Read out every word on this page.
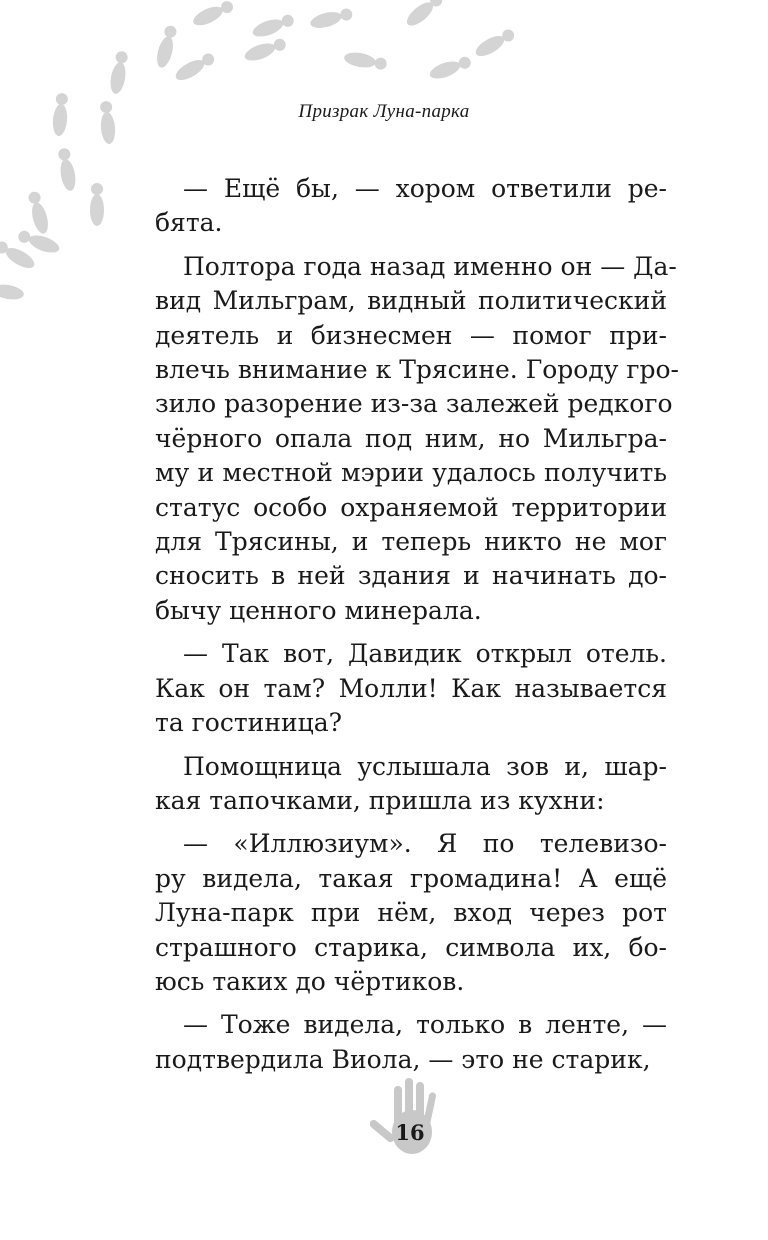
Призрак Луна-парка

— Ещё бы, — хором ответили ре-
бята.

Полтора года назад именно он — Да-
вид Мильграм, видный политический
деятель и бизнесмен — помог при-
влечь внимание к Трясине. Городу гро-
зило разорение из-за залежей редкого
чёрного опала под ним, но Мильгра-
му и местной мэрии удалось получить
статус особо охраняемой территории
для Трясины, и теперь никто не мог
сносить в ней здания и начинать до-
бычу ценного минерала.

— Так вот, Давидик открыл отель.
Как он там? Молли! Как называется
та гостиница?

Помощница услышала зов и, шар-
кая тапочками, пришла из кухни:

— «Иллюзиум». Я по телевизо-
ру видела, такая громадина! А ещё
Луна-парк при нём, вход через рот
страшного старика, символа их, бо-
юсь таких до чёртиков.

— Тоже видела, только в ленте, —
подтвердила Виола, — это не старик,

16
